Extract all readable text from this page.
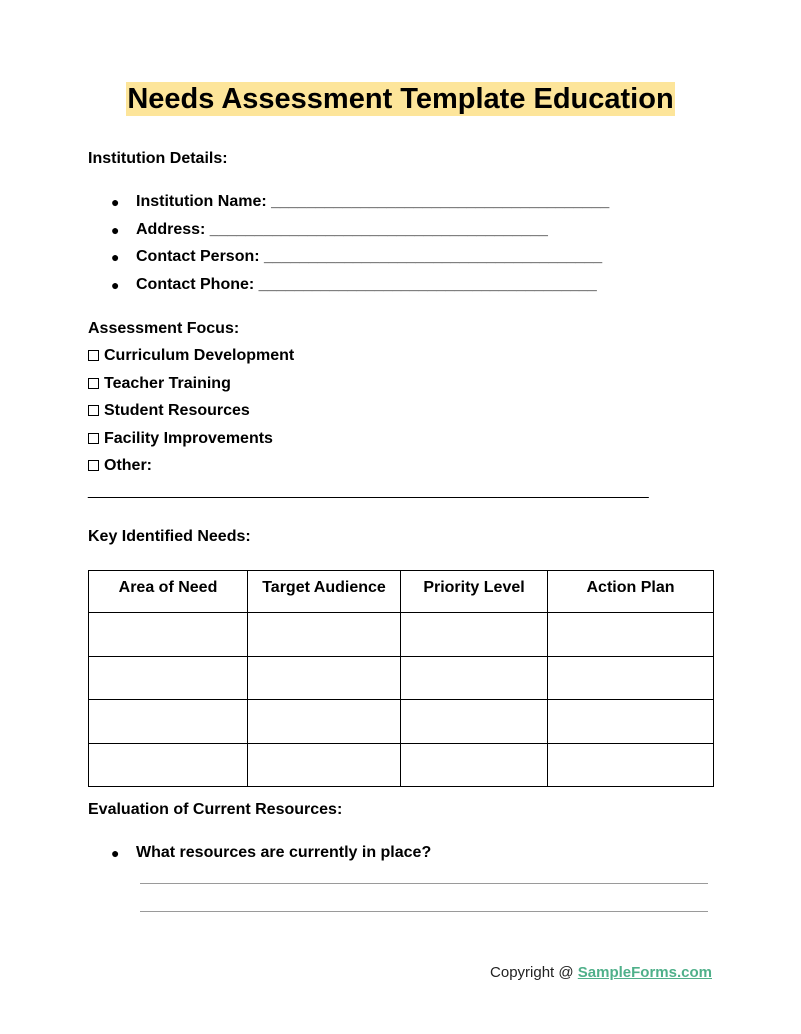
Needs Assessment Template Education
Institution Details:
● Institution Name: ______________________________________
● Address: ______________________________________
● Contact Person: ______________________________________
● Contact Phone: ______________________________________
Assessment Focus:
Curriculum Development
Teacher Training
Student Resources
Facility Improvements
Other:
_______________________________________________________________
Key Identified Needs:
Area of Need	Target Audience	Priority Level	Action Plan

Evaluation of Current Resources:
● What resources are currently in place?
Copyright @ SampleForms.com
